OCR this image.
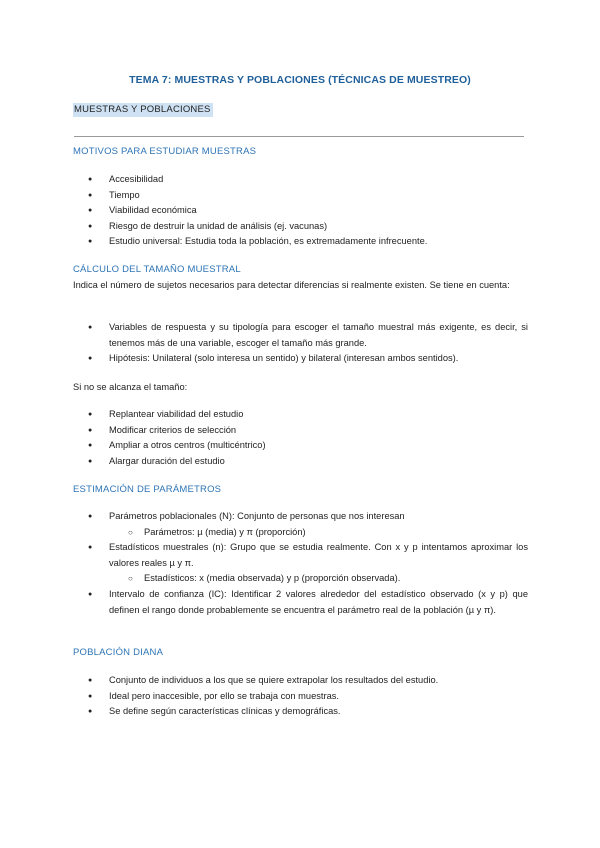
TEMA 7: MUESTRAS Y POBLACIONES (TÉCNICAS DE MUESTREO)
MUESTRAS Y POBLACIONES
MOTIVOS PARA ESTUDIAR MUESTRAS
● Accesibilidad
● Tiempo
● Viabilidad económica
● Riesgo de destruir la unidad de análisis (ej. vacunas)
● Estudio universal: Estudia toda la población, es extremadamente infrecuente.
CÁLCULO DEL TAMAÑO MUESTRAL
Indica el número de sujetos necesarios para detectar diferencias si realmente existen. Se tiene en cuenta:
● Variables de respuesta y su tipología para escoger el tamaño muestral más exigente, es decir, si tenemos más de una variable, escoger el tamaño más grande.
● Hipótesis: Unilateral (solo interesa un sentido) y bilateral (interesan ambos sentidos).
Si no se alcanza el tamaño:
● Replantear viabilidad del estudio
● Modificar criterios de selección
● Ampliar a otros centros (multicéntrico)
● Alargar duración del estudio
ESTIMACIÓN DE PARÁMETROS
● Parámetros poblacionales (N): Conjunto de personas que nos interesan
○ Parámetros: µ (media) y π (proporción)
● Estadísticos muestrales (n): Grupo que se estudia realmente. Con x y p intentamos aproximar los valores reales µ y π.
○ Estadísticos: x (media observada) y p (proporción observada).
● Intervalo de confianza (IC): Identificar 2 valores alrededor del estadístico observado (x y p) que definen el rango donde probablemente se encuentra el parámetro real de la población (µ y π).
POBLACIÓN DIANA
● Conjunto de individuos a los que se quiere extrapolar los resultados del estudio.
● Ideal pero inaccesible, por ello se trabaja con muestras.
● Se define según características clínicas y demográficas.
